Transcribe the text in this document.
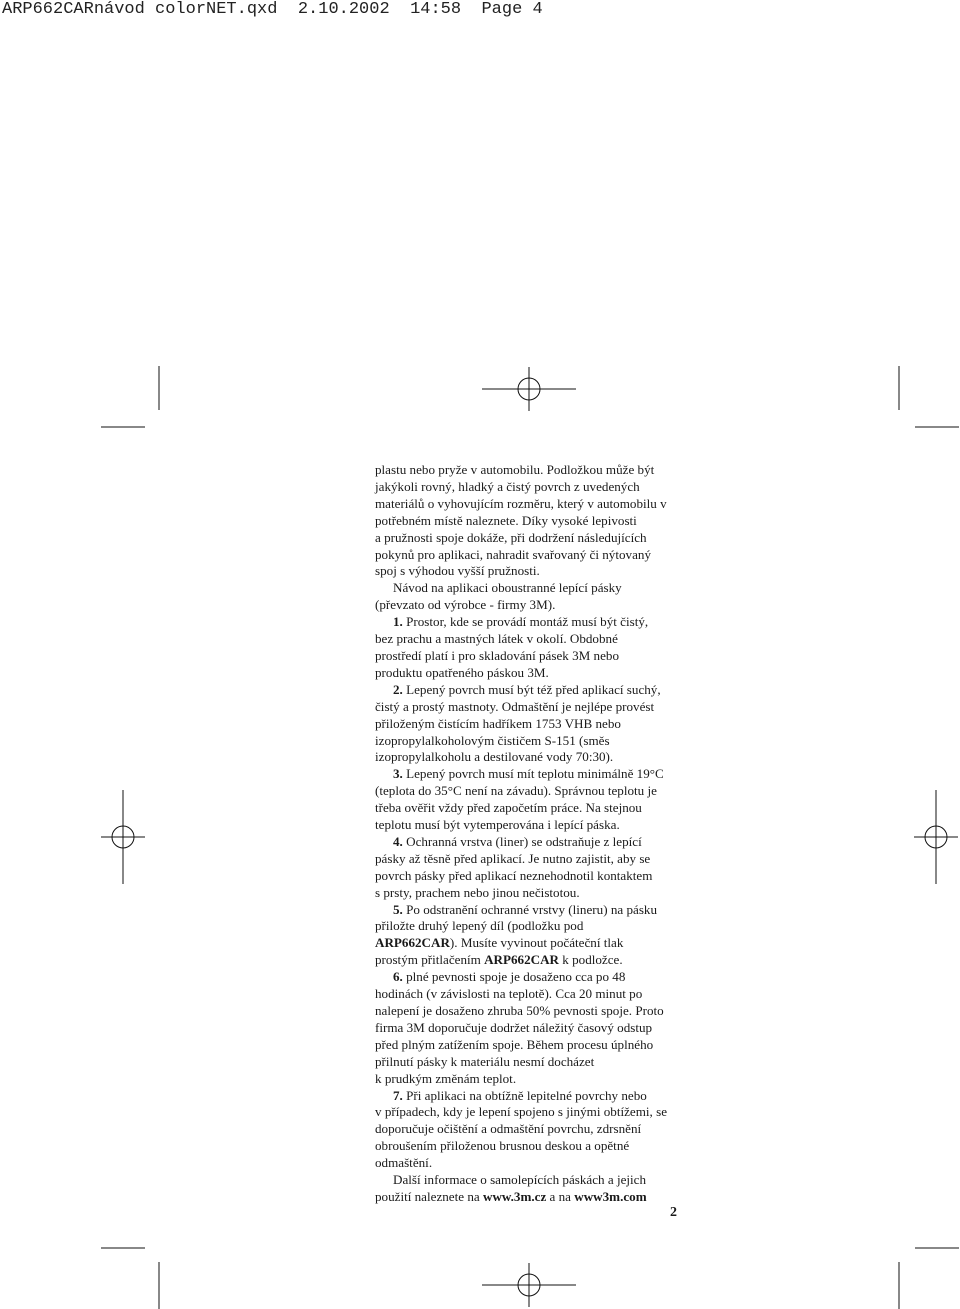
ARP662CARnávod colorNET.qxd  2.10.2002  14:58  Page 4

plastu nebo pryže v automobilu. Podložkou může být
jakýkoli rovný, hladký a čistý povrch z uvedených
materiálů o vyhovujícím rozměru, který v automobilu v
potřebném místě naleznete. Díky vysoké lepivosti
a pružnosti spoje dokáže, při dodržení následujících
pokynů pro aplikaci, nahradit svařovaný či nýtovaný
spoj s výhodou vyšší pružnosti.

Návod na aplikaci oboustranné lepící pásky
(převzato od výrobce - firmy 3M).

1. Prostor, kde se provádí montáž musí být čistý,
bez prachu a mastných látek v okolí. Obdobné
prostředí platí i pro skladování pásek 3M nebo
produktu opatřeného páskou 3M.

2. Lepený povrch musí být též před aplikací suchý,
čistý a prostý mastnoty. Odmaštění je nejlépe provést
přiloženým čistícím hadříkem 1753 VHB nebo
izopropylalkoholovým čističem S-151 (směs
izopropylalkoholu a destilované vody 70:30).

3. Lepený povrch musí mít teplotu minimálně 19°C
(teplota do 35°C není na závadu). Správnou teplotu je
třeba ověřit vždy před započetím práce. Na stejnou
teplotu musí být vytemperována i lepící páska.

4. Ochranná vrstva (liner) se odstraňuje z lepící
pásky až těsně před aplikací. Je nutno zajistit, aby se
povrch pásky před aplikací neznehodnotil kontaktem
s prsty, prachem nebo jinou nečistotou.

5. Po odstranění ochranné vrstvy (lineru) na pásku
přiložte druhý lepený díl (podložku pod
ARP662CAR). Musíte vyvinout počáteční tlak
prostým přitlačením ARP662CAR k podložce.

6. plné pevnosti spoje je dosaženo cca po 48
hodinách (v závislosti na teplotě). Cca 20 minut po
nalepení je dosaženo zhruba 50% pevnosti spoje. Proto
firma 3M doporučuje dodržet náležitý časový odstup
před plným zatížením spoje. Během procesu úplného
přilnutí pásky k materiálu nesmí docházet
k prudkým změnám teplot.

7. Při aplikaci na obtížně lepitelné povrchy nebo
v případech, kdy je lepení spojeno s jinými obtížemi, se
doporučuje očištění a odmaštění povrchu, zdrsnění
obroušením přiloženou brusnou deskou a opětné
odmaštění.

Další informace o samolepících páskách a jejich
použití naleznete na www.3m.cz a na www3m.com

2
